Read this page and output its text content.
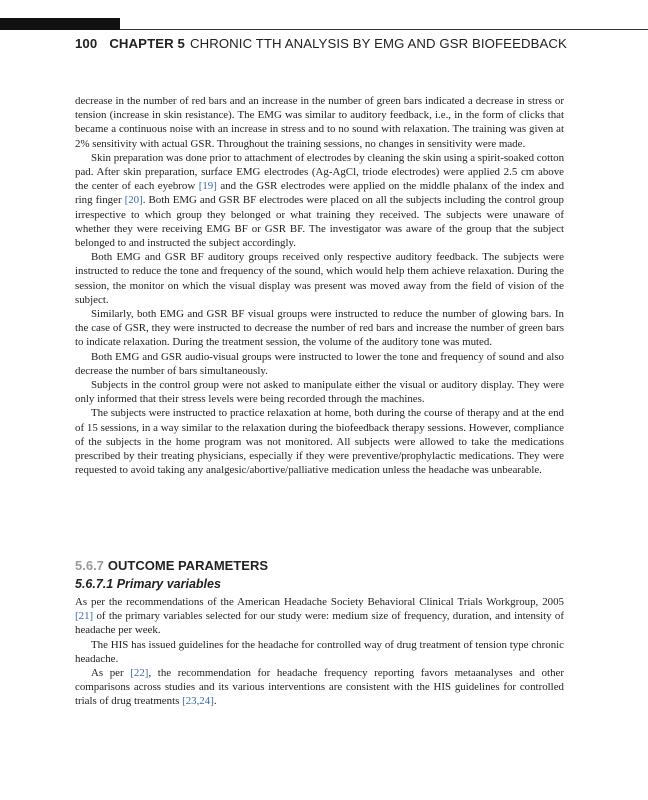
100 CHAPTER 5 CHRONIC TTH ANALYSIS BY EMG AND GSR BIOFEEDBACK

decrease in the number of red bars and an increase in the number of green bars indicated a decrease in stress or tension (increase in skin resistance). The EMG was similar to auditory feedback, i.e., in the form of clicks that became a continuous noise with an increase in stress and to no sound with relaxation. The training was given at 2% sensitivity with actual GSR. Throughout the training sessions, no changes in sensitivity were made.

Skin preparation was done prior to attachment of electrodes by cleaning the skin using a spirit-soaked cotton pad. After skin preparation, surface EMG electrodes (Ag-AgCl, triode electrodes) were applied 2.5 cm above the center of each eyebrow [19] and the GSR electrodes were applied on the middle phalanx of the index and ring finger [20]. Both EMG and GSR BF electrodes were placed on all the subjects including the control group irrespective to which group they belonged or what training they received. The subjects were unaware of whether they were receiving EMG BF or GSR BF. The investigator was aware of the group that the subject belonged to and instructed the subject accordingly.

Both EMG and GSR BF auditory groups received only respective auditory feedback. The subjects were instructed to reduce the tone and frequency of the sound, which would help them achieve relaxation. During the session, the monitor on which the visual display was present was moved away from the field of vision of the subject.

Similarly, both EMG and GSR BF visual groups were instructed to reduce the number of glowing bars. In the case of GSR, they were instructed to decrease the number of red bars and increase the number of green bars to indicate relaxation. During the treatment session, the volume of the auditory tone was muted.

Both EMG and GSR audio-visual groups were instructed to lower the tone and frequency of sound and also decrease the number of bars simultaneously.

Subjects in the control group were not asked to manipulate either the visual or auditory display. They were only informed that their stress levels were being recorded through the machines.

The subjects were instructed to practice relaxation at home, both during the course of therapy and at the end of 15 sessions, in a way similar to the relaxation during the biofeedback therapy sessions. However, compliance of the subjects in the home program was not monitored. All subjects were allowed to take the medications prescribed by their treating physicians, especially if they were preventive/prophylactic medications. They were requested to avoid taking any analgesic/abortive/palliative medication unless the headache was unbearable.

5.6.7 OUTCOME PARAMETERS
5.6.7.1 Primary variables

As per the recommendations of the American Headache Society Behavioral Clinical Trials Workgroup, 2005 [21] of the primary variables selected for our study were: medium size of frequency, duration, and intensity of headache per week.

The HIS has issued guidelines for the headache for controlled way of drug treatment of tension type chronic headache.

As per [22], the recommendation for headache frequency reporting favors metaanalyses and other comparisons across studies and its various interventions are consistent with the HIS guidelines for controlled trials of drug treatments [23,24].
